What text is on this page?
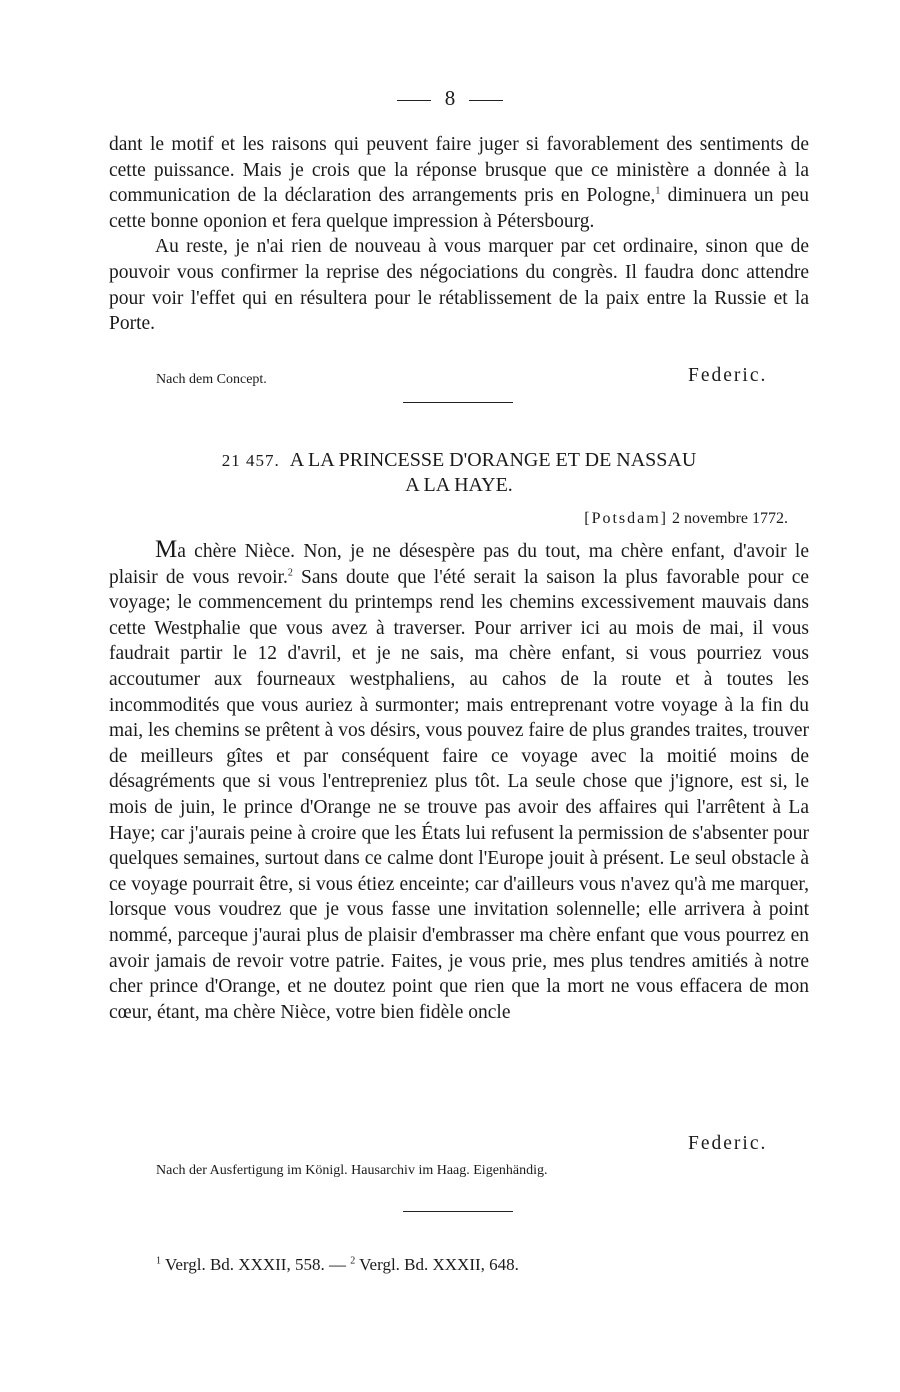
8

dant le motif et les raisons qui peuvent faire juger si favorablement des sentiments de cette puissance. Mais je crois que la réponse brusque que ce ministère a donnée à la communication de la déclaration des arrangements pris en Pologne,$^1$ diminuera un peu cette bonne oponion et fera quelque impression à Pétersbourg.

Au reste, je n'ai rien de nouveau à vous marquer par cet ordinaire, sinon que de pouvoir vous confirmer la reprise des négociations du congrès. Il faudra donc attendre pour voir l'effet qui en résultera pour le rétablissement de la paix entre la Russie et la Porte.

Nach dem Concept.	Federic.
21 457. A LA PRINCESSE D'ORANGE ET DE NASSAU
A LA HAYE.
[Potsdam] 2 novembre 1772.

Ma chère Nièce. Non, je ne désespère pas du tout, ma chère enfant, d'avoir le plaisir de vous revoir.$^2$ Sans doute que l'été serait la saison la plus favorable pour ce voyage; le commencement du printemps rend les chemins excessivement mauvais dans cette Westphalie que vous avez à traverser. Pour arriver ici au mois de mai, il vous faudrait partir le 12 d'avril, et je ne sais, ma chère enfant, si vous pourriez vous accoutumer aux fourneaux westphaliens, au cahos de la route et à toutes les incommodités que vous auriez à surmonter; mais entreprenant votre voyage à la fin du mai, les chemins se prêtent à vos désirs, vous pouvez faire de plus grandes traites, trouver de meilleurs gîtes et par conséquent faire ce voyage avec la moitié moins de désagréments que si vous l'entrepreniez plus tôt. La seule chose que j'ignore, est si, le mois de juin, le prince d'Orange ne se trouve pas avoir des affaires qui l'arrêtent à La Haye; car j'aurais peine à croire que les États lui refusent la permission de s'absenter pour quelques semaines, surtout dans ce calme dont l'Europe jouit à présent. Le seul obstacle à ce voyage pourrait être, si vous étiez enceinte; car d'ailleurs vous n'avez qu'à me marquer, lorsque vous voudrez que je vous fasse une invitation solennelle; elle arrivera à point nommé, parceque j'aurai plus de plaisir d'embrasser ma chère enfant que vous pourrez en avoir jamais de revoir votre patrie. Faites, je vous prie, mes plus tendres amitiés à notre cher prince d'Orange, et ne doutez point que rien que la mort ne vous effacera de mon cœur, étant, ma chère Nièce, votre bien fidèle oncle

Federic.
Nach der Ausfertigung im Königl. Hausarchiv im Haag. Eigenhändig.
$^1$ Vergl. Bd. XXXII, 558. — $^2$ Vergl. Bd. XXXII, 648.
